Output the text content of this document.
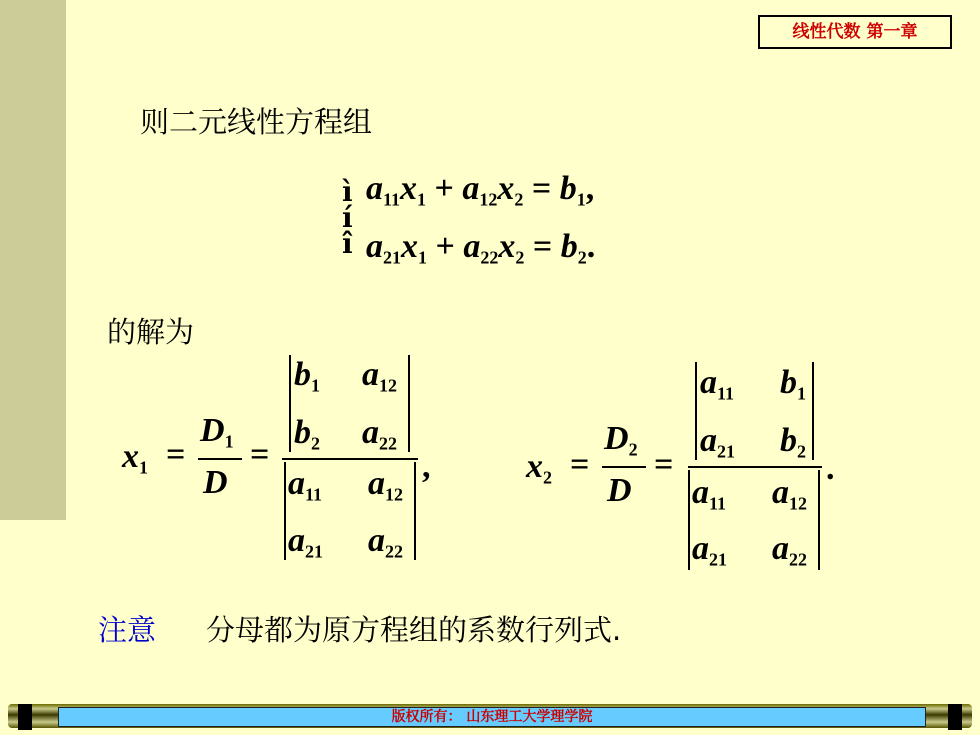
线性代数 第一章
则二元线性方程组
ì
í
î
$a_{11}x_1 + a_{12}x_2 = b_1$,
$a_{21}x_1 + a_{22}x_2 = b_2$.
的解为
$x_1$ =
$D_1$
D
=
$b_1$ $a_{12}$
$b_2$ $a_{22}$
$a_{11}$ $a_{12}$
$a_{21}$ $a_{22}$
,	$x_2$ =
$D_2$
D
=
$a_{11}$ $b_1$
$a_{21}$ $b_2$
$a_{11}$ $a_{12}$
$a_{21}$ $a_{22}$
.
注意 分母都为原方程组的系数行列式.
版权所有： 山东理工大学理学院
